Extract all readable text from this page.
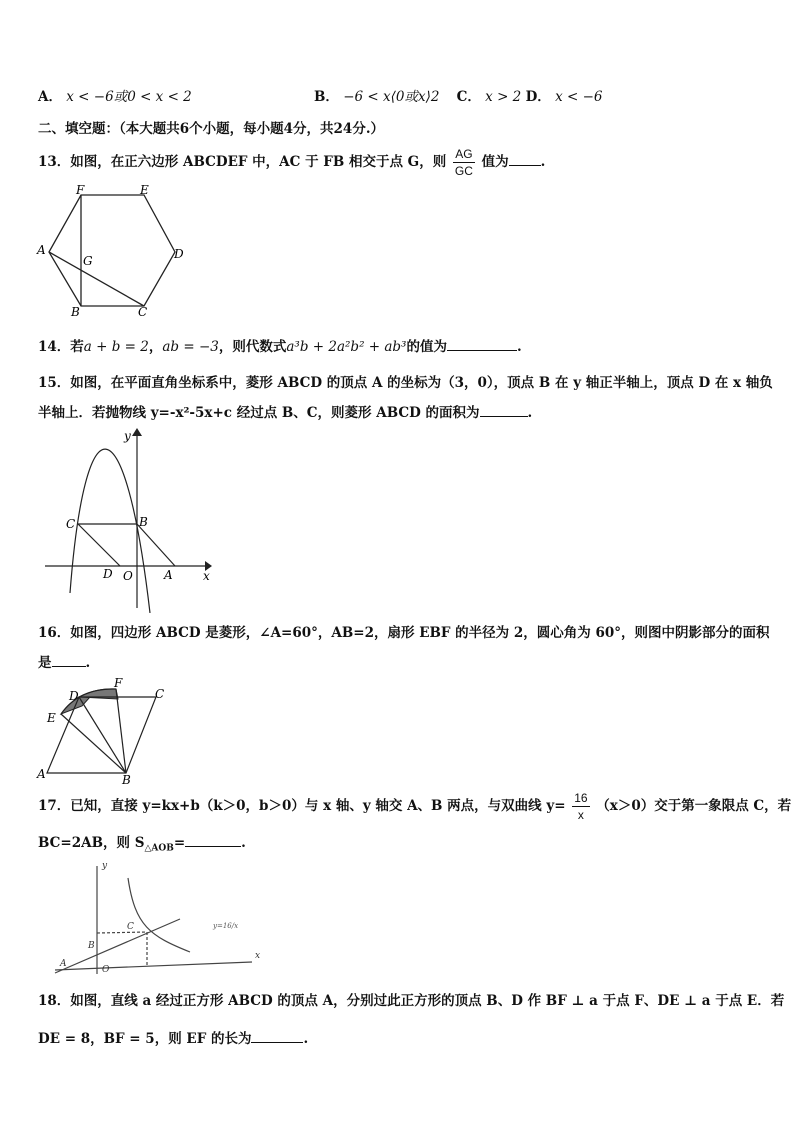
A． x < −6或0 < x < 2	B． −6 < x⟨0或x⟩2 C． x > 2 D． x < −6
二、填空题：（本大题共6个小题，每小题4分，共24分.）
13．如图，在正六边形 ABCDEF 中，AC 于 FB 相交于点 G，则 $\frac{AG}{GC}$ 值为 .
F	E
A
G	D
B	C
14．若a + b = 2，ab = −3，则代数式a³b + 2a²b² + ab³的值为	.
15．如图，在平面直角坐标系中，菱形 ABCD 的顶点 A 的坐标为（3，0），顶点 B 在 y 轴正半轴上，顶点 D 在 x 轴负
半轴上．若抛物线 y=-x²-5x+c 经过点 B、C，则菱形 ABCD 的面积为	.
y
x
C	B
D O	A
16．如图，四边形 ABCD 是菱形，∠A=60°，AB=2，扇形 EBF 的半径为 2，圆心角为 60°，则图中阴影部分的面积
是	.
D
F
C
E
A	B
17．已知，直接 y=kx+b（k＞0，b＞0）与 x 轴、y 轴交 A、B 两点，与双曲线 $y= \frac{16}{x} (x>0)$交于第一象限点 C，若
BC=2AB，则 $S_{\triangle AOB}=$	.
y
x
C
B
A
O
y=16/x
18．如图，直线 a 经过正方形 ABCD 的顶点 A，分别过此正方形的顶点 B、D 作 BF ⊥ a 于点 F、DE ⊥ a 于点 E．若
DE = 8，BF = 5，则 EF 的长为	.
